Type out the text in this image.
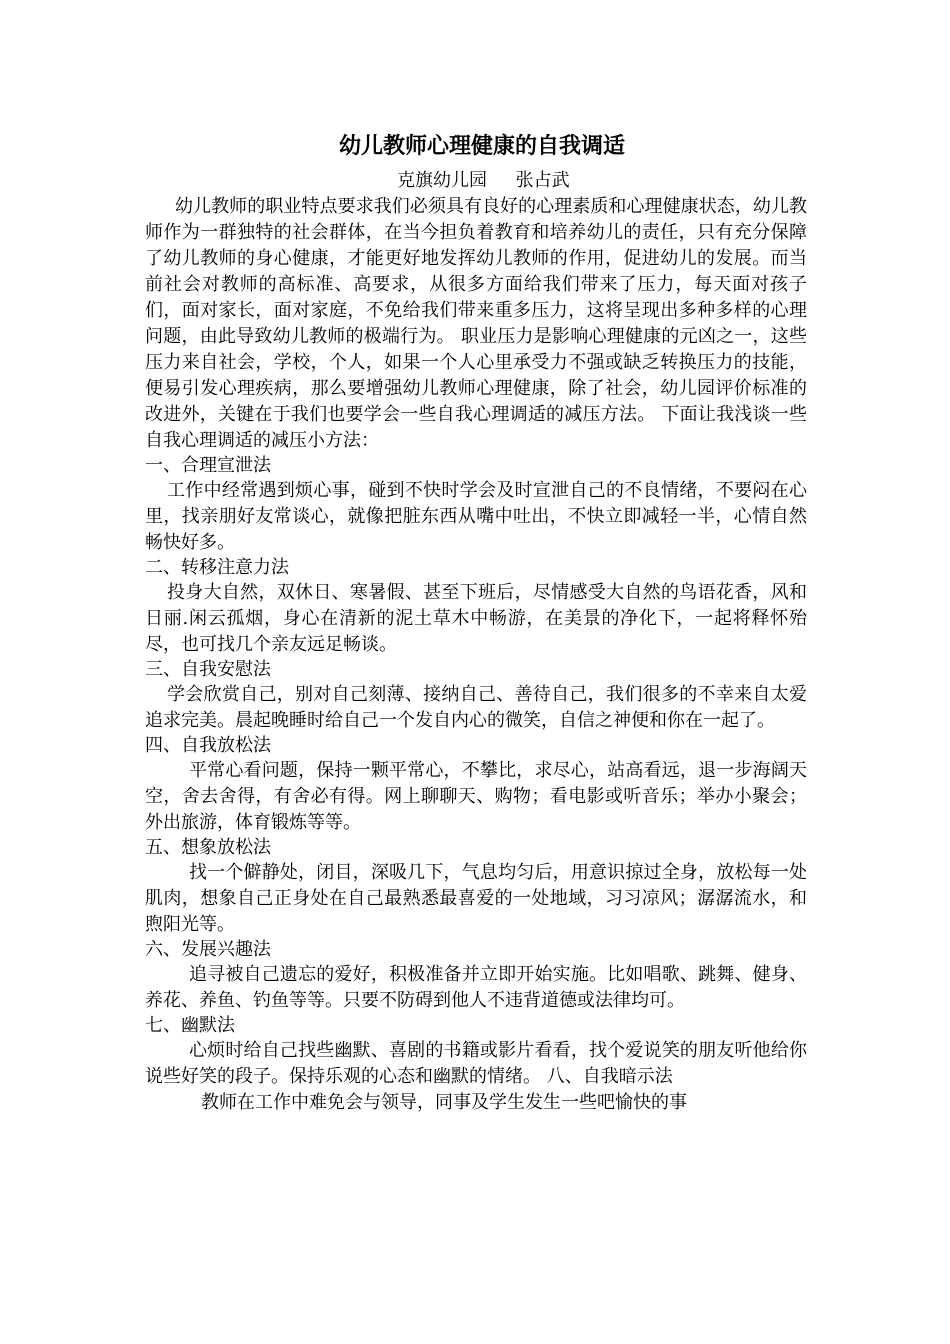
幼儿教师心理健康的自我调适

克旗幼儿园     张占武

幼儿教师的职业特点要求我们必须具有良好的心理素质和心理健康状态，幼儿教师作为一群独特的社会群体，在当今担负着教育和培养幼儿的责任，只有充分保障了幼儿教师的身心健康，才能更好地发挥幼儿教师的作用，促进幼儿的发展。而当前社会对教师的高标准、高要求，从很多方面给我们带来了压力，每天面对孩子们，面对家长，面对家庭，不免给我们带来重多压力，这将呈现出多种多样的心理问题，由此导致幼儿教师的极端行为。 职业压力是影响心理健康的元凶之一，这些压力来自社会，学校，个人，如果一个人心里承受力不强或缺乏转换压力的技能，便易引发心理疾病，那么要增强幼儿教师心理健康，除了社会，幼儿园评价标准的改进外，关键在于我们也要学会一些自我心理调适的减压方法。 下面让我浅谈一些自我心理调适的减压小方法：

一、合理宣泄法

工作中经常遇到烦心事，碰到不快时学会及时宣泄自己的不良情绪，不要闷在心里，找亲朋好友常谈心，就像把脏东西从嘴中吐出，不快立即减轻一半，心情自然畅快好多。

二、转移注意力法

投身大自然，双休日、寒暑假、甚至下班后，尽情感受大自然的鸟语花香，风和日丽.闲云孤烟，身心在清新的泥土草木中畅游，在美景的净化下，一起将释怀殆尽，也可找几个亲友远足畅谈。

三、自我安慰法

学会欣赏自己，别对自己刻薄、接纳自己、善待自己，我们很多的不幸来自太爱追求完美。晨起晚睡时给自己一个发自内心的微笑，自信之神便和你在一起了。

四、自我放松法

平常心看问题，保持一颗平常心，不攀比，求尽心，站高看远，退一步海阔天空，舍去舍得，有舍必有得。网上聊聊天、购物；看电影或听音乐；举办小聚会；外出旅游，体育锻炼等等。

五、想象放松法

找一个僻静处，闭目，深吸几下，气息均匀后，用意识掠过全身，放松每一处肌肉，想象自己正身处在自己最熟悉最喜爱的一处地域，习习凉风；潺潺流水，和煦阳光等。

六、发展兴趣法

追寻被自己遗忘的爱好，积极准备并立即开始实施。比如唱歌、跳舞、健身、养花、养鱼、钓鱼等等。只要不防碍到他人不违背道德或法律均可。

七、幽默法

心烦时给自己找些幽默、喜剧的书籍或影片看看，找个爱说笑的朋友听他给你说些好笑的段子。保持乐观的心态和幽默的情绪。 八、自我暗示法

教师在工作中难免会与领导，同事及学生发生一些吧愉快的事
